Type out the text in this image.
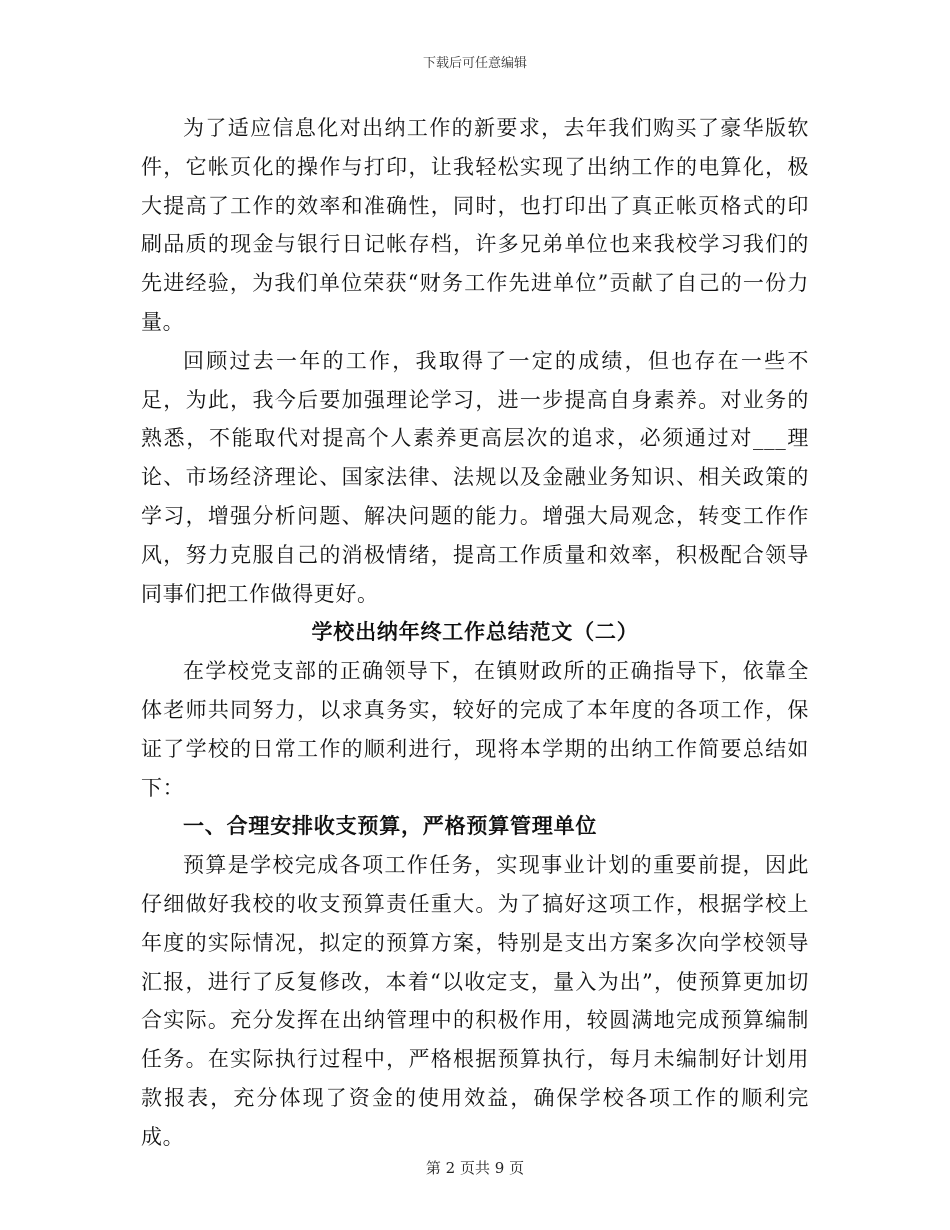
下载后可任意编辑

为了适应信息化对出纳工作的新要求，去年我们购买了豪华版软件，它帐页化的操作与打印，让我轻松实现了出纳工作的电算化，极大提高了工作的效率和准确性，同时，也打印出了真正帐页格式的印刷品质的现金与银行日记帐存档，许多兄弟单位也来我校学习我们的先进经验，为我们单位荣获“财务工作先进单位”贡献了自己的一份力量。

回顾过去一年的工作，我取得了一定的成绩，但也存在一些不足，为此，我今后要加强理论学习，进一步提高自身素养。对业务的熟悉，不能取代对提高个人素养更高层次的追求，必须通过对___理论、市场经济理论、国家法律、法规以及金融业务知识、相关政策的学习，增强分析问题、解决问题的能力。增强大局观念，转变工作作风，努力克服自己的消极情绪，提高工作质量和效率，积极配合领导同事们把工作做得更好。

学校出纳年终工作总结范文（二）

在学校党支部的正确领导下，在镇财政所的正确指导下，依靠全体老师共同努力，以求真务实，较好的完成了本年度的各项工作，保证了学校的日常工作的顺利进行，现将本学期的出纳工作简要总结如下：

一、合理安排收支预算，严格预算管理单位

预算是学校完成各项工作任务，实现事业计划的重要前提，因此仔细做好我校的收支预算责任重大。为了搞好这项工作，根据学校上年度的实际情况，拟定的预算方案，特别是支出方案多次向学校领导汇报，进行了反复修改，本着“以收定支，量入为出”，使预算更加切合实际。充分发挥在出纳管理中的积极作用，较圆满地完成预算编制任务。在实际执行过程中，严格根据预算执行，每月未编制好计划用款报表，充分体现了资金的使用效益，确保学校各项工作的顺利完成。

第 2 页共 9 页
